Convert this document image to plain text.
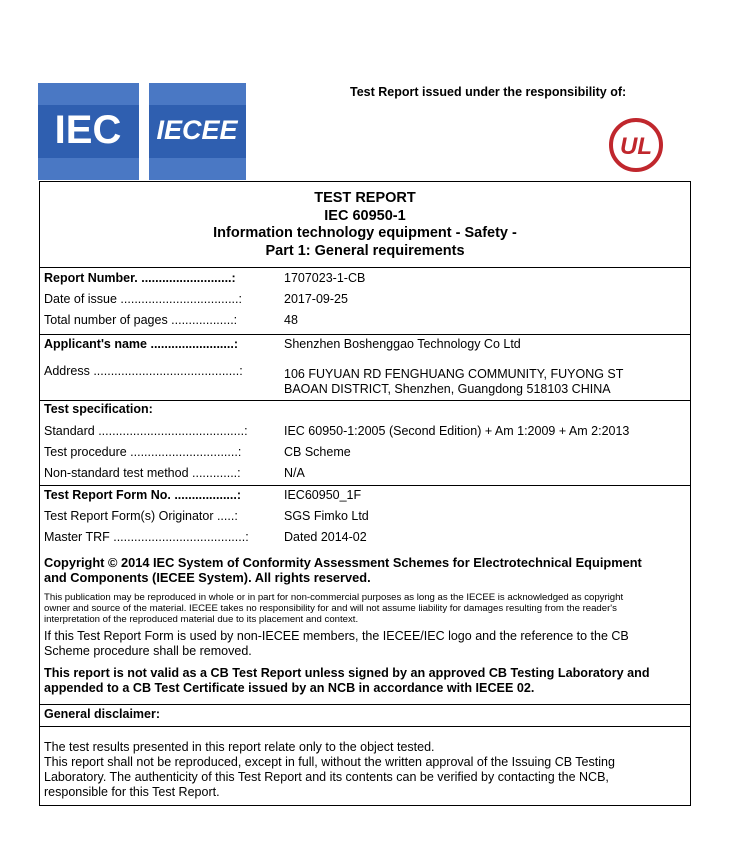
IEC IECEE
Test Report issued under the responsibility of:
UL
TEST REPORT
IEC 60950-1
Information technology equipment - Safety -
Part 1: General requirements
Report Number. ..........................:	1707023-1-CB
Date of issue ..................................:	2017-09-25
Total number of pages ..................:	48
Applicant's name ........................:	Shenzhen Boshenggao Technology Co Ltd
Address ..........................................:	106 FUYUAN RD FENGHUANG COMMUNITY, FUYONG ST
BAOAN DISTRICT, Shenzhen, Guangdong 518103 CHINA
Test specification:
Standard ..........................................:	IEC 60950-1:2005 (Second Edition) + Am 1:2009 + Am 2:2013
Test procedure ...............................:	CB Scheme
Non-standard test method .............:	N/A
Test Report Form No. ..................:	IEC60950_1F
Test Report Form(s) Originator .....:	SGS Fimko Ltd
Master TRF ......................................:	Dated 2014-02
Copyright © 2014 IEC System of Conformity Assessment Schemes for Electrotechnical Equipment
and Components (IECEE System). All rights reserved.
This publication may be reproduced in whole or in part for non-commercial purposes as long as the IECEE is acknowledged as copyright
owner and source of the material. IECEE takes no responsibility for and will not assume liability for damages resulting from the reader's
interpretation of the reproduced material due to its placement and context.
If this Test Report Form is used by non-IECEE members, the IECEE/IEC logo and the reference to the CB
Scheme procedure shall be removed.
This report is not valid as a CB Test Report unless signed by an approved CB Testing Laboratory and
appended to a CB Test Certificate issued by an NCB in accordance with IECEE 02.
General disclaimer:
The test results presented in this report relate only to the object tested.
This report shall not be reproduced, except in full, without the written approval of the Issuing CB Testing
Laboratory. The authenticity of this Test Report and its contents can be verified by contacting the NCB,
responsible for this Test Report.
